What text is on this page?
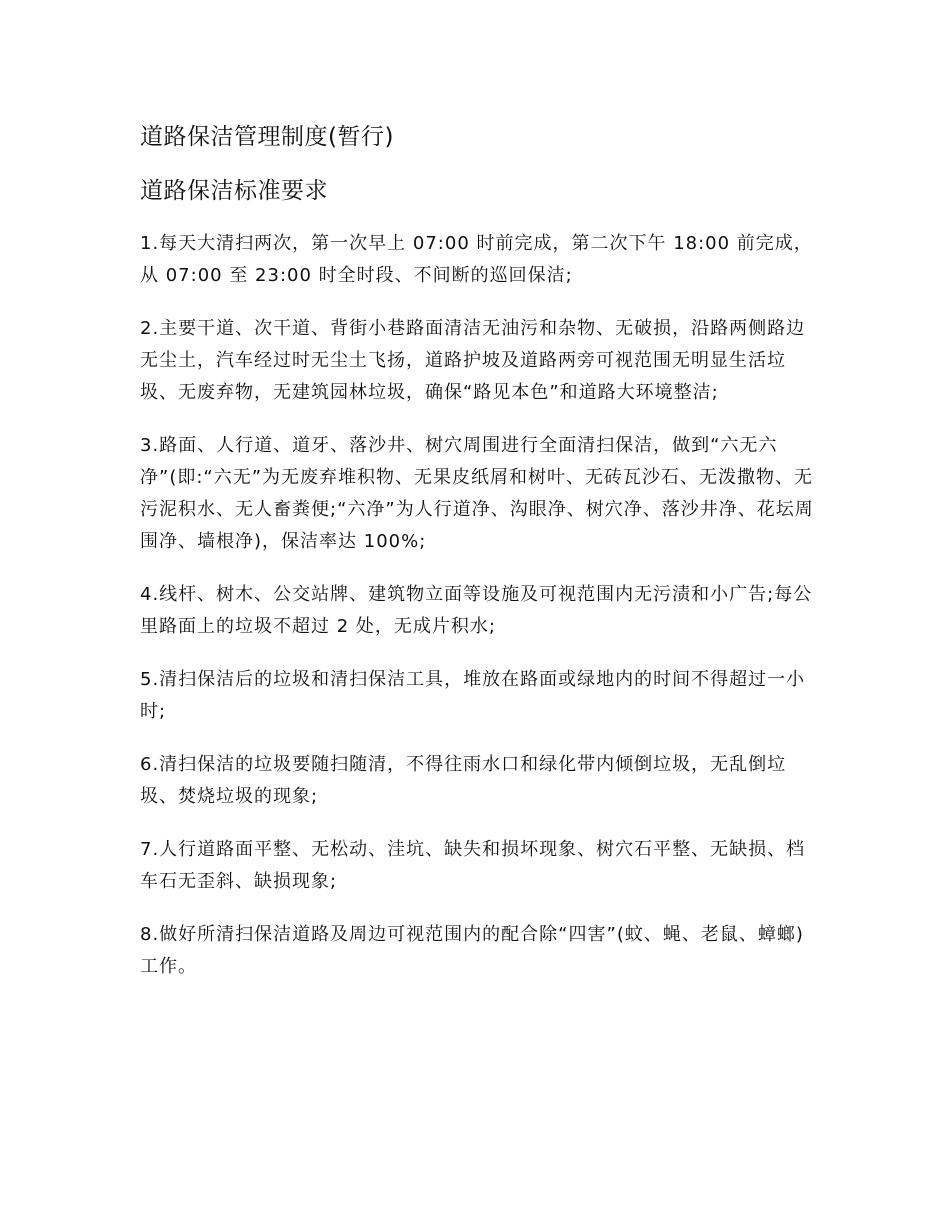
道路保洁管理制度(暂行)
道路保洁标准要求
1.每天大清扫两次，第一次早上 07:00 时前完成，第二次下午 18:00 前完成，从 07:00 至 23:00 时全时段、不间断的巡回保洁;
2.主要干道、次干道、背街小巷路面清洁无油污和杂物、无破损，沿路两侧路边无尘土，汽车经过时无尘土飞扬，道路护坡及道路两旁可视范围无明显生活垃圾、无废弃物，无建筑园林垃圾，确保“路见本色”和道路大环境整洁;
3.路面、人行道、道牙、落沙井、树穴周围进行全面清扫保洁，做到“六无六净”(即:“六无”为无废弃堆积物、无果皮纸屑和树叶、无砖瓦沙石、无泼撒物、无污泥积水、无人畜粪便;“六净”为人行道净、沟眼净、树穴净、落沙井净、花坛周围净、墙根净)，保洁率达 100%;
4.线杆、树木、公交站牌、建筑物立面等设施及可视范围内无污渍和小广告;每公里路面上的垃圾不超过 2 处，无成片积水;
5.清扫保洁后的垃圾和清扫保洁工具，堆放在路面或绿地内的时间不得超过一小时;
6.清扫保洁的垃圾要随扫随清，不得往雨水口和绿化带内倾倒垃圾，无乱倒垃圾、焚烧垃圾的现象;
7.人行道路面平整、无松动、洼坑、缺失和损坏现象、树穴石平整、无缺损、档车石无歪斜、缺损现象;
8.做好所清扫保洁道路及周边可视范围内的配合除“四害”(蚊、蝇、老鼠、蟑螂)工作。
